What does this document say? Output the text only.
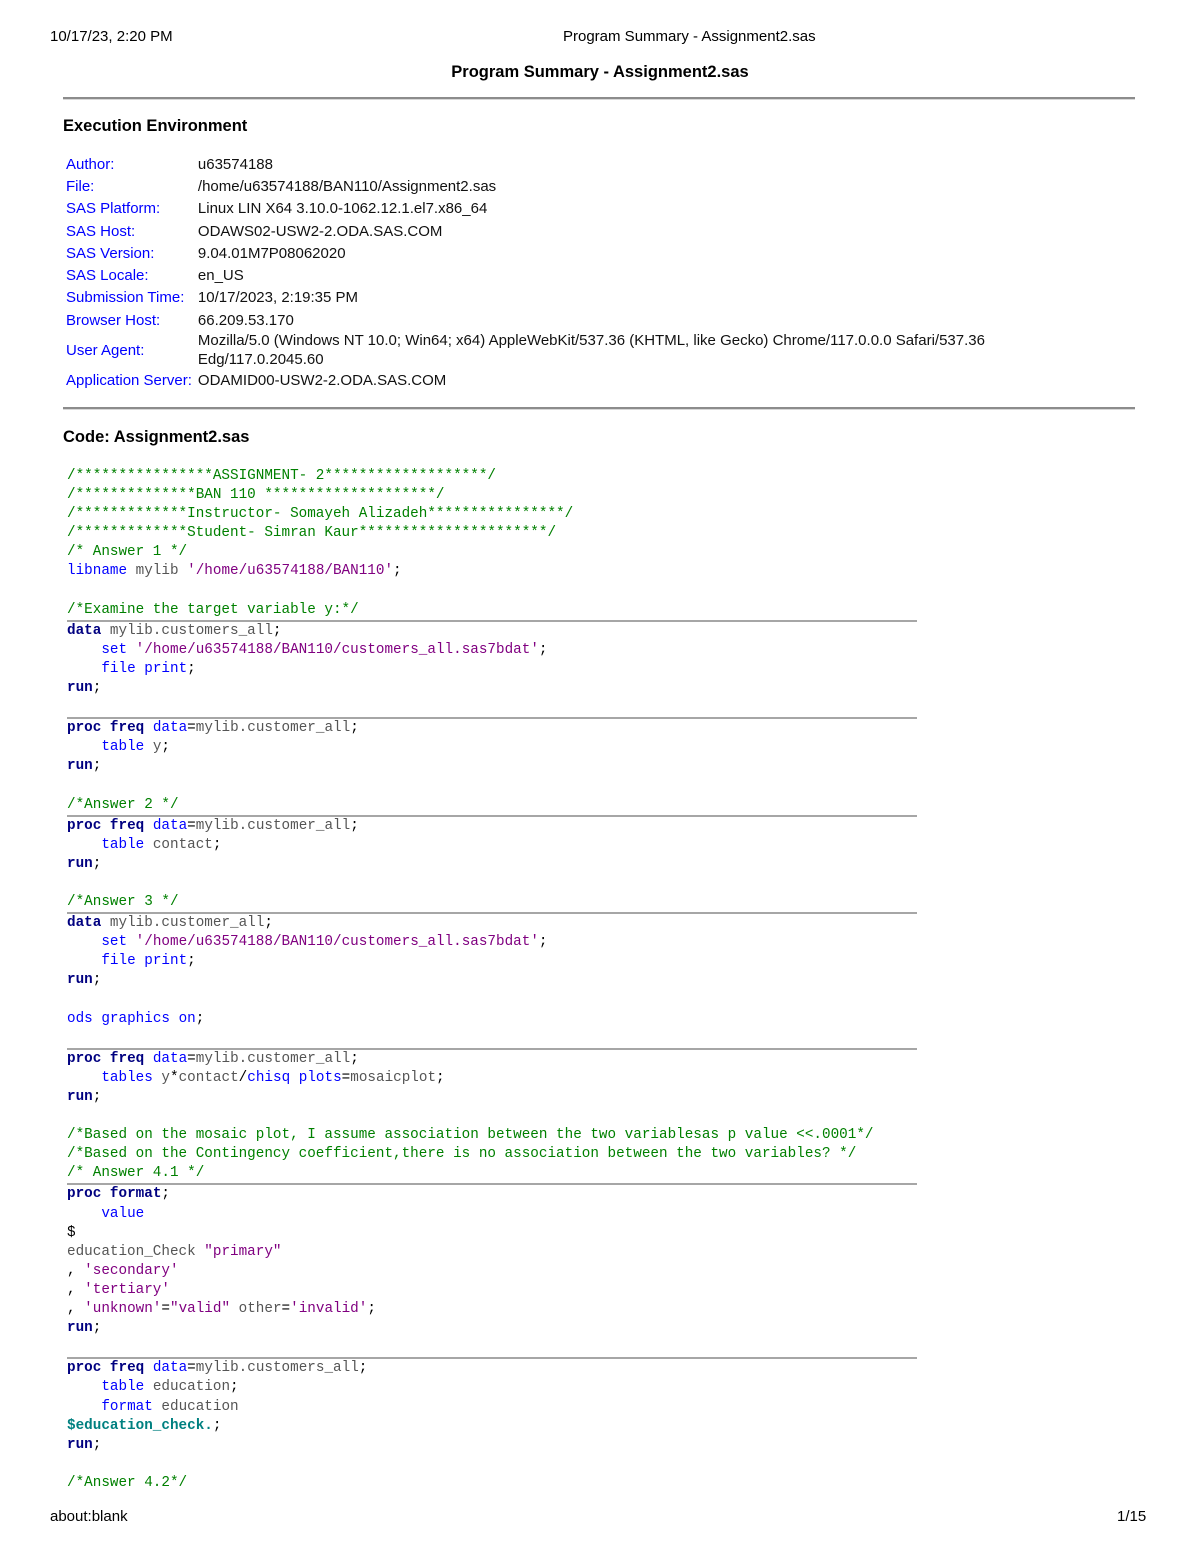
10/17/23, 2:20 PM	Program Summary - Assignment2.sas
Program Summary - Assignment2.sas
Execution Environment
Author:	u63574188
File:	/home/u63574188/BAN110/Assignment2.sas
SAS Platform:	Linux LIN X64 3.10.0-1062.12.1.el7.x86_64
SAS Host:	ODAWS02-USW2-2.ODA.SAS.COM
SAS Version:	9.04.01M7P08062020
SAS Locale:	en_US
Submission Time:	10/17/2023, 2:19:35 PM
Browser Host:	66.209.53.170
User Agent:	Mozilla/5.0 (Windows NT 10.0; Win64; x64) AppleWebKit/537.36 (KHTML, like Gecko) Chrome/117.0.0.0 Safari/537.36
Edg/117.0.2045.60

Application Server:	ODAMID00-USW2-2.ODA.SAS.COM
Code: Assignment2.sas
/****************ASSIGNMENT- 2*******************/
/**************BAN 110 ********************/
/*************Instructor- Somayeh Alizadeh****************/
/*************Student- Simran Kaur**********************/
/* Answer 1 */
libname mylib '/home/u63574188/BAN110';
/*Examine the target variable y:*/
data mylib.customers_all;
set '/home/u63574188/BAN110/customers_all.sas7bdat';
file print;
run;
proc freq data=mylib.customer_all;
table y;
run;
/*Answer 2 */
proc freq data=mylib.customer_all;
table contact;
run;
/*Answer 3 */
data mylib.customer_all;
set '/home/u63574188/BAN110/customers_all.sas7bdat';
file print;
run;
ods graphics on;
proc freq data=mylib.customer_all;
tables y*contact/chisq plots=mosaicplot;
run;
/*Based on the mosaic plot, I assume association between the two variablesas p value <<.0001*/
/*Based on the Contingency coefficient,there is no association between the two variables? */
/* Answer 4.1 */
proc format;
value
$
education_Check "primary"
, 'secondary'
, 'tertiary'
, 'unknown'="valid" other='invalid';
run;
proc freq data=mylib.customers_all;
table education;
format education
$education_check.;
run;
/*Answer 4.2*/
about:blank	1/15
